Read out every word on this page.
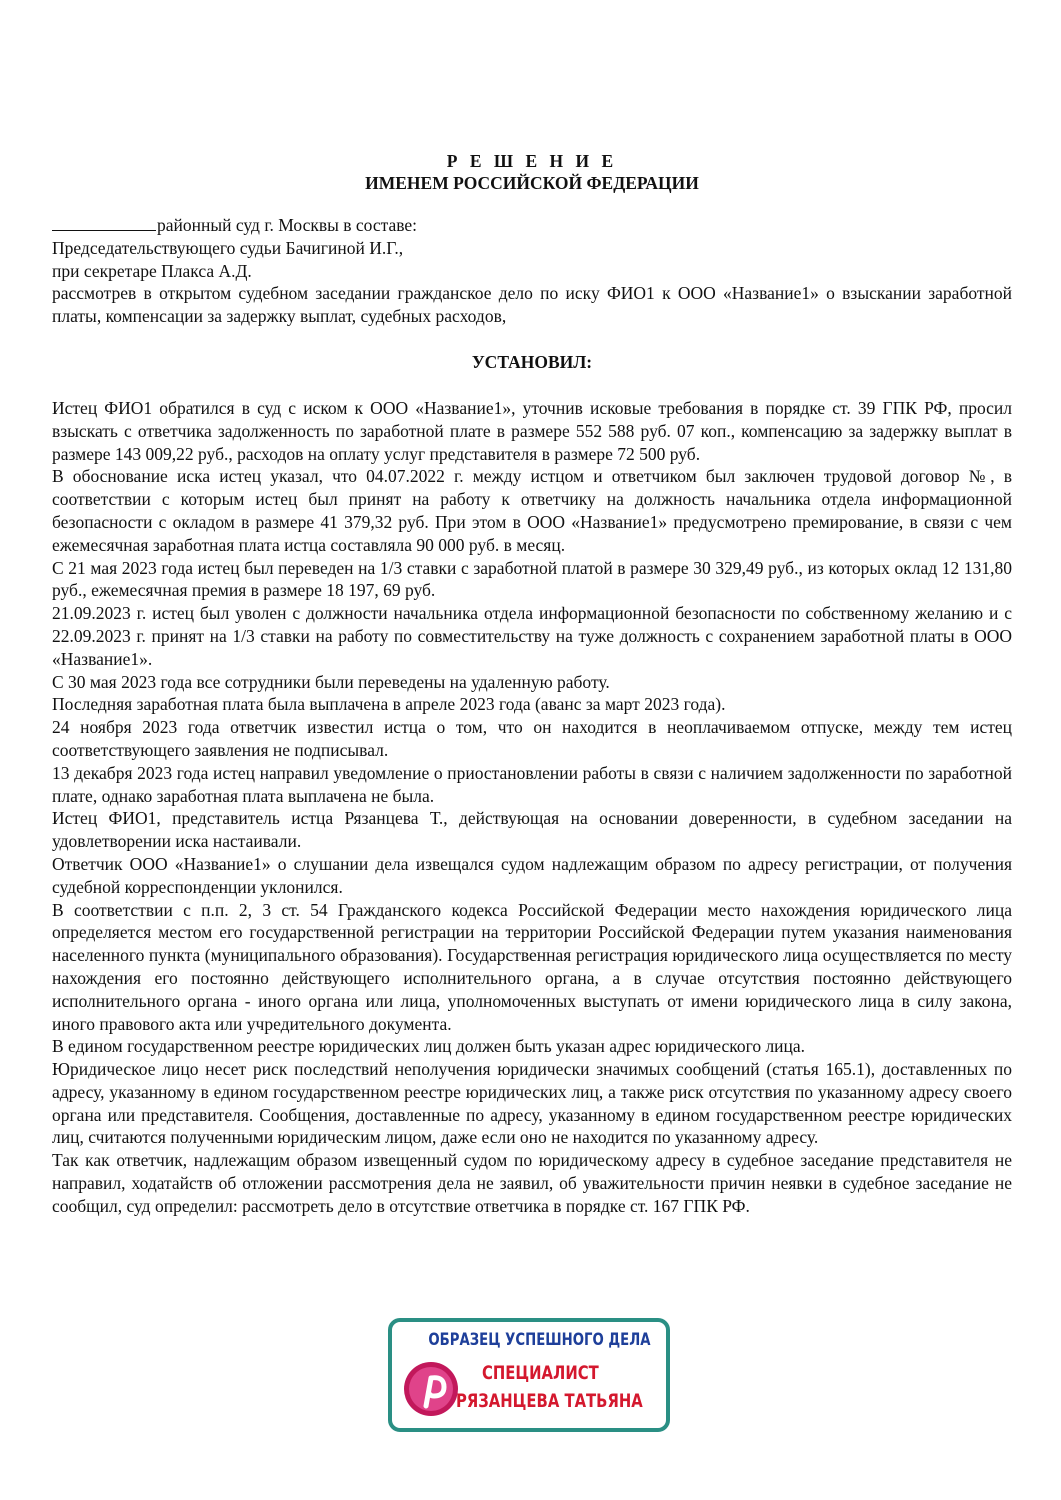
Р Е Ш Е Н И Е

ИМЕНЕМ РОССИЙСКОЙ ФЕДЕРАЦИИ

районный суд г. Москвы в составе:

Председательствующего судьи Бачигиной И.Г.,

при секретаре Плакса А.Д.

рассмотрев в открытом судебном заседании гражданское дело по иску ФИО1 к ООО «Название1» о взыскании заработной платы, компенсации за задержку выплат, судебных расходов,

УСТАНОВИЛ:

Истец ФИО1 обратился в суд с иском к ООО «Название1», уточнив исковые требования в порядке ст. 39 ГПК РФ, просил взыскать с ответчика задолженность по заработной плате в размере 552 588 руб. 07 коп., компенсацию за задержку выплат в размере 143 009,22 руб., расходов на оплату услуг представителя в размере 72 500 руб.

В обоснование иска истец указал, что 04.07.2022 г. между истцом и ответчиком был заключен трудовой договор №, в соответствии с которым истец был принят на работу к ответчику на должность начальника отдела информационной безопасности с окладом в размере 41 379,32 руб. При этом в ООО «Название1» предусмотрено премирование, в связи с чем ежемесячная заработная плата истца составляла 90 000 руб. в месяц.

С 21 мая 2023 года истец был переведен на 1/3 ставки с заработной платой в размере 30 329,49 руб., из которых оклад 12 131,80 руб., ежемесячная премия в размере 18 197, 69 руб.

21.09.2023 г. истец был уволен с должности начальника отдела информационной безопасности по собственному желанию и с 22.09.2023 г. принят на 1/3 ставки на работу по совместительству на туже должность с сохранением заработной платы в ООО «Название1».

С 30 мая 2023 года все сотрудники были переведены на удаленную работу.

Последняя заработная плата была выплачена в апреле 2023 года (аванс за март 2023 года).

24 ноября 2023 года ответчик известил истца о том, что он находится в неоплачиваемом отпуске, между тем истец соответствующего заявления не подписывал.

13 декабря 2023 года истец направил уведомление о приостановлении работы в связи с наличием задолженности по заработной плате, однако заработная плата выплачена не была.

Истец ФИО1, представитель истца Рязанцева Т., действующая на основании доверенности, в судебном заседании на удовлетворении иска настаивали.

Ответчик ООО «Название1» о слушании дела извещался судом надлежащим образом по адресу регистрации, от получения судебной корреспонденции уклонился.

В соответствии с п.п. 2, 3 ст. 54 Гражданского кодекса Российской Федерации место нахождения юридического лица определяется местом его государственной регистрации на территории Российской Федерации путем указания наименования населенного пункта (муниципального образования). Государственная регистрация юридического лица осуществляется по месту нахождения его постоянно действующего исполнительного органа, а в случае отсутствия постоянно действующего исполнительного органа - иного органа или лица, уполномоченных выступать от имени юридического лица в силу закона, иного правового акта или учредительного документа.

В едином государственном реестре юридических лиц должен быть указан адрес юридического лица.

Юридическое лицо несет риск последствий неполучения юридически значимых сообщений (статья 165.1), доставленных по адресу, указанному в едином государственном реестре юридических лиц, а также риск отсутствия по указанному адресу своего органа или представителя. Сообщения, доставленные по адресу, указанному в едином государственном реестре юридических лиц, считаются полученными юридическим лицом, даже если оно не находится по указанному адресу.

Так как ответчик, надлежащим образом извещенный судом по юридическому адресу в судебное заседание представителя не направил, ходатайств об отложении рассмотрения дела не заявил, об уважительности причин неявки в судебное заседание не сообщил, суд определил: рассмотреть дело в отсутствие ответчика в порядке ст. 167 ГПК РФ.

ОБРАЗЕЦ УСПЕШНОГО ДЕЛА
СПЕЦИАЛИСТ
РЯЗАНЦЕВА ТАТЬЯНА
